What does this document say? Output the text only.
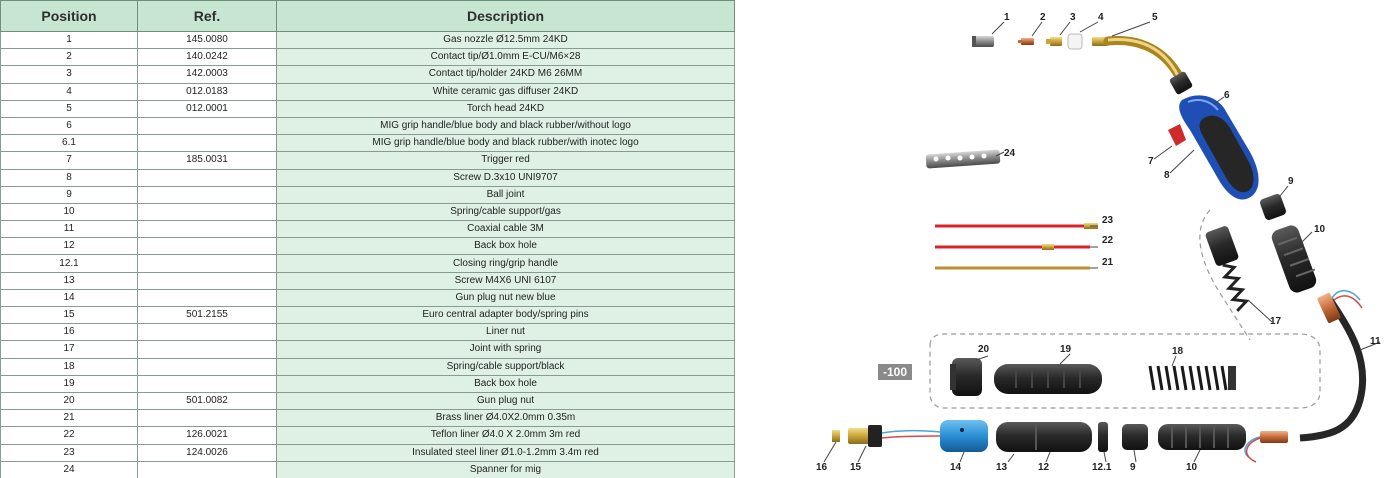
Position	Ref.	Description
1	145.0080	Gas nozzle Ø12.5mm 24KD
2	140.0242	Contact tip/Ø1.0mm E-CU/M6×28
3	142.0003	Contact tip/holder 24KD M6 26MM
4	012.0183	White ceramic gas diffuser 24KD
5	012.0001	Torch head 24KD
6		MIG grip handle/blue body and black rubber/without logo
6.1		MIG grip handle/blue body and black rubber/with inotec logo
7	185.0031	Trigger red
8		Screw D.3x10 UNI9707
9		Ball joint
10		Spring/cable support/gas
11		Coaxial cable 3M
12		Back box hole
12.1		Closing ring/grip handle
13		Screw M4X6 UNI 6107
14		Gun plug nut new blue
15	501.2155	Euro central adapter body/spring pins
16		Liner nut
17		Joint with spring
18		Spring/cable support/black
19		Back box hole
20	501.0082	Gun plug nut
21		Brass liner Ø4.0X2.0mm 0.35m
22	126.0021	Teflon liner Ø4.0 X 2.0mm 3m red
23	124.0026	Insulated steel liner Ø1.0-1.2mm 3.4m red
24		Spanner for mig
-100
1	2 3 4	5
6
7
8
9
10
11
17
24
23
22
21
20	19	18
16 15	14	13	12	12.1 9	10
